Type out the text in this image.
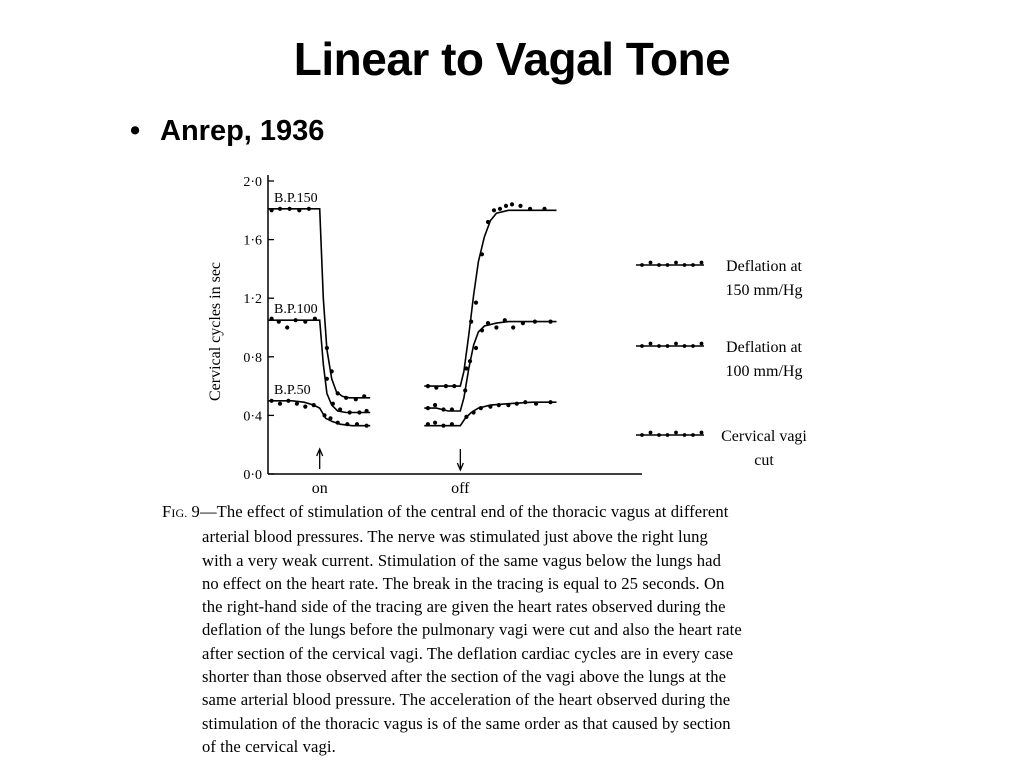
Linear to Vagal Tone
• Anrep, 1936
0·0
0·4
0·8
1·2
1·6
2·0
Cervical cycles in sec
B.P.150
B.P.100
B.P.50
on	off
Deflation at
150 mm/Hg
Deflation at
100 mm/Hg
Cervical vagi
cut
FIG. 9—The effect of stimulation of the central end of the thoracic vagus at different
arterial blood pressures. The nerve was stimulated just above the right lung
with a very weak current. Stimulation of the same vagus below the lungs had
no effect on the heart rate. The break in the tracing is equal to 25 seconds. On
the right-hand side of the tracing are given the heart rates observed during the
deflation of the lungs before the pulmonary vagi were cut and also the heart rate
after section of the cervical vagi. The deflation cardiac cycles are in every case
shorter than those observed after the section of the vagi above the lungs at the
same arterial blood pressure. The acceleration of the heart observed during the
stimulation of the thoracic vagus is of the same order as that caused by section
of the cervical vagi.
